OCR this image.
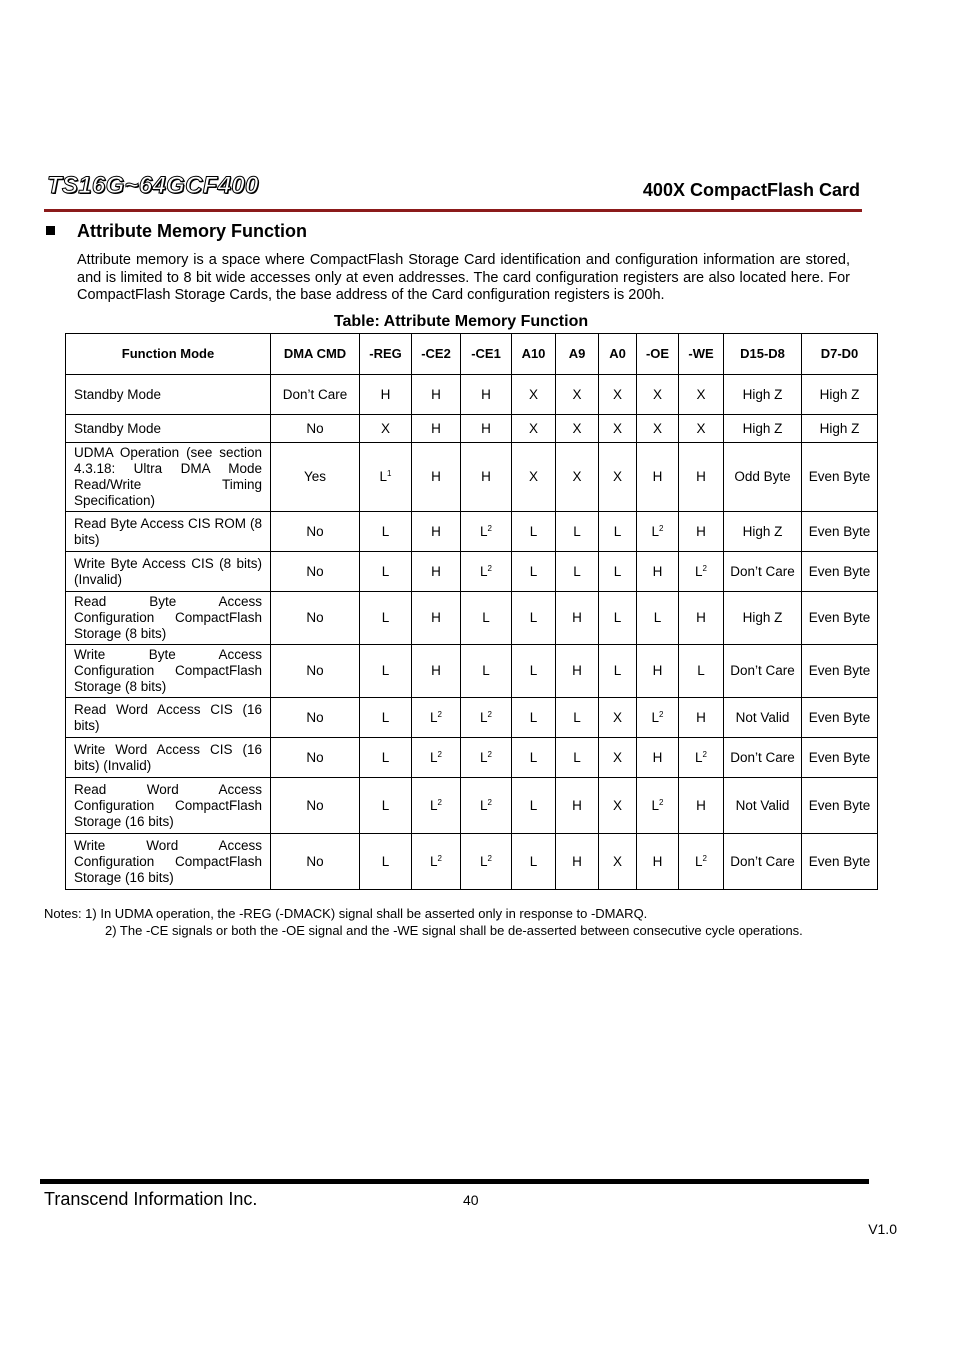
TS16G~64GCF400	400X CompactFlash Card
Attribute Memory Function
Attribute memory is a space where CompactFlash Storage Card identification and configuration information are stored, and is limited to 8 bit wide accesses only at even addresses. The card configuration registers are also located here. For CompactFlash Storage Cards, the base address of the Card configuration registers is 200h.
Table: Attribute Memory Function
Function Mode	DMA CMD	-REG	-CE2	-CE1	A10	A9	A0	-OE	-WE	D15-D8	D7-D0
Standby Mode	Don’t Care	H	H	H	X	X	X	X	X	High Z	High Z
Standby Mode	No	X	H	H	X	X	X	X	X	High Z	High Z
UDMA Operation (see section 4.3.18: Ultra DMA Mode Read/Write Timing Specification)	Yes	$L^1$	H	H	X	X	X	H	H	Odd Byte	Even Byte
Read Byte Access CIS ROM (8 bits)	No	L	H	$L^2$	L	L	L	$L^2$	H	High Z	Even Byte
Write Byte Access CIS (8 bits) (Invalid)	No	L	H	$L^2$	L	L	L	H	$L^2$	Don’t Care	Even Byte
Read Byte Access Configuration CompactFlash Storage (8 bits)	No	L	H	L	L	H	L	L	H	High Z	Even Byte
Write Byte Access Configuration CompactFlash Storage (8 bits)	No	L	H	L	L	H	L	H	L	Don’t Care	Even Byte
Read Word Access CIS (16 bits)	No	L	$L^2$	$L^2$	L	L	X	$L^2$	H	Not Valid	Even Byte
Write Word Access CIS (16 bits) (Invalid)	No	L	$L^2$	$L^2$	L	L	X	H	$L^2$	Don’t Care	Even Byte
Read Word Access Configuration CompactFlash Storage (16 bits)	No	L	$L^2$	$L^2$	L	H	X	$L^2$	H	Not Valid	Even Byte
Write Word Access Configuration CompactFlash Storage (16 bits)	No	L	$L^2$	$L^2$	L	H	X	H	$L^2$	Don’t Care	Even Byte
Notes: 1) In UDMA operation, the -REG (-DMACK) signal shall be asserted only in response to -DMARQ.
2) The -CE signals or both the -OE signal and the -WE signal shall be de-asserted between consecutive cycle operations.
Transcend Information Inc.	40
V1.0
